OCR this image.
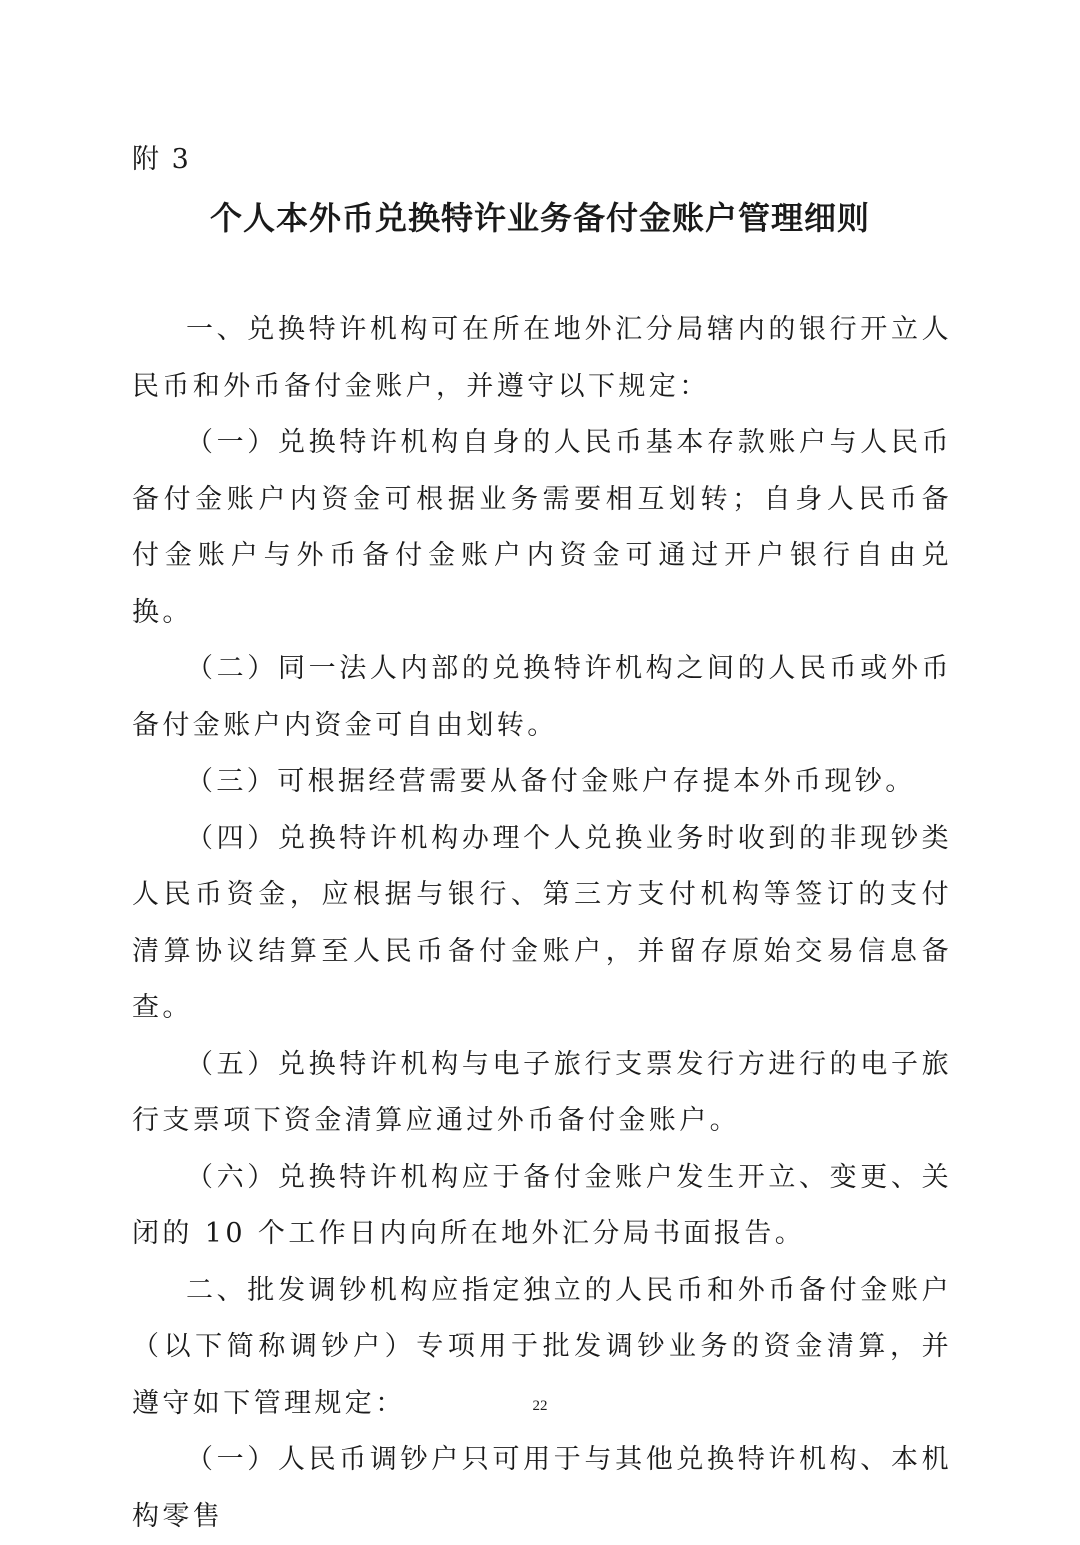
附 3
个人本外币兑换特许业务备付金账户管理细则

一、兑换特许机构可在所在地外汇分局辖内的银行开立人民币和外币备付金账户，并遵守以下规定：

（一）兑换特许机构自身的人民币基本存款账户与人民币备付金账户内资金可根据业务需要相互划转；自身人民币备付金账户与外币备付金账户内资金可通过开户银行自由兑换。

（二）同一法人内部的兑换特许机构之间的人民币或外币备付金账户内资金可自由划转。

（三）可根据经营需要从备付金账户存提本外币现钞。

（四）兑换特许机构办理个人兑换业务时收到的非现钞类人民币资金，应根据与银行、第三方支付机构等签订的支付清算协议结算至人民币备付金账户，并留存原始交易信息备查。

（五）兑换特许机构与电子旅行支票发行方进行的电子旅行支票项下资金清算应通过外币备付金账户。

（六）兑换特许机构应于备付金账户发生开立、变更、关闭的 10 个工作日内向所在地外汇分局书面报告。

二、批发调钞机构应指定独立的人民币和外币备付金账户（以下简称调钞户）专项用于批发调钞业务的资金清算，并遵守如下管理规定：

（一）人民币调钞户只可用于与其他兑换特许机构、本机构零售

22
